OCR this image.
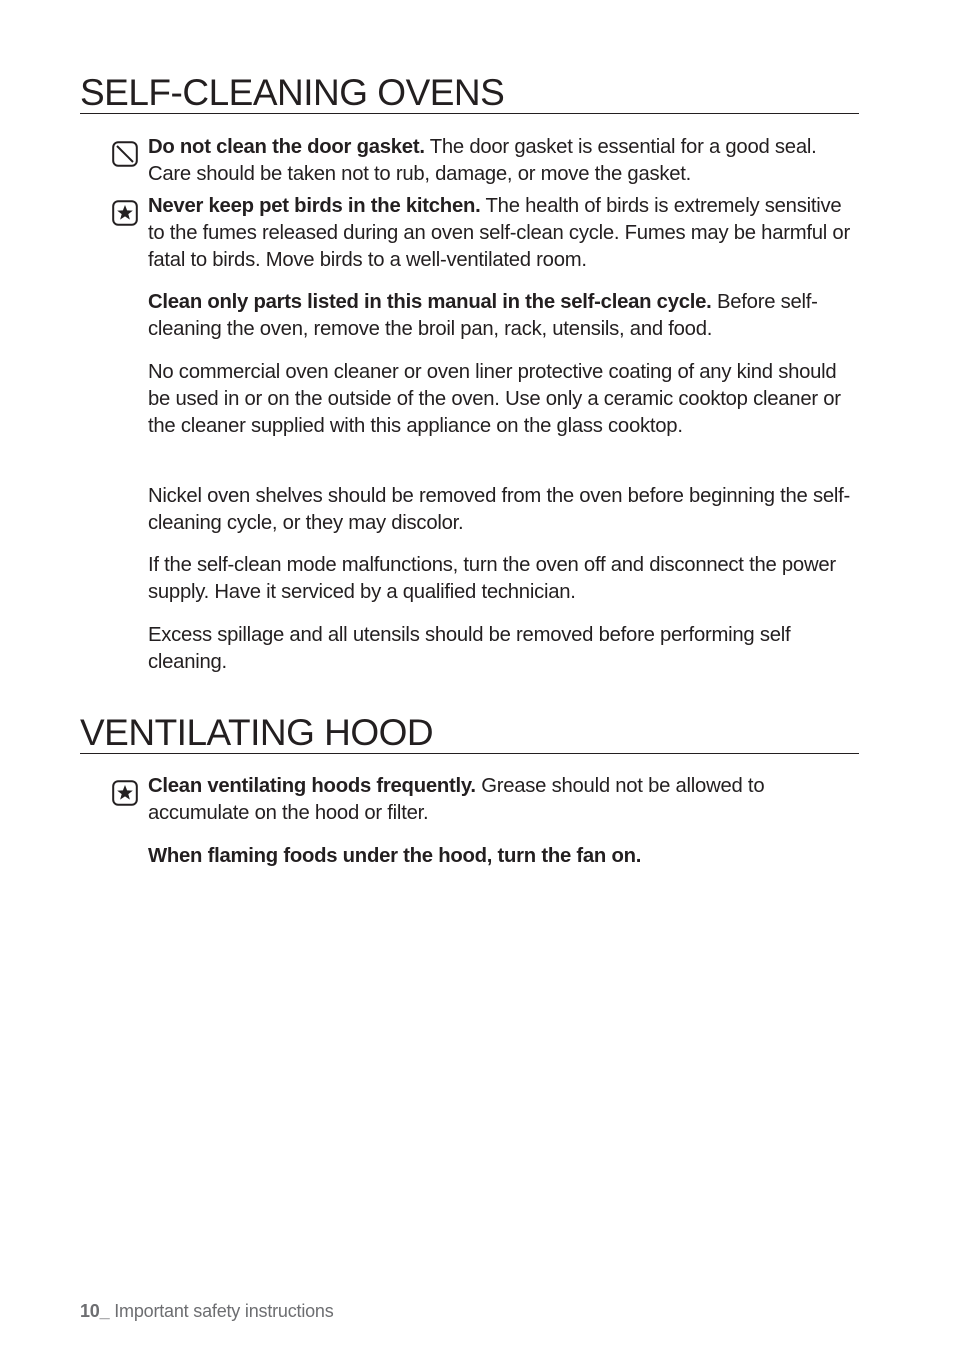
SELF-CLEANING OVENS

Do not clean the door gasket. The door gasket is essential for a good seal. Care should be taken not to rub, damage, or move the gasket.

Never keep pet birds in the kitchen. The health of birds is extremely sensitive to the fumes released during an oven self-clean cycle. Fumes may be harmful or fatal to birds. Move birds to a well-ventilated room.

Clean only parts listed in this manual in the self-clean cycle. Before self-cleaning the oven, remove the broil pan, rack, utensils, and food.

No commercial oven cleaner or oven liner protective coating of any kind should be used in or on the outside of the oven. Use only a ceramic cooktop cleaner or the cleaner supplied with this appliance on the glass cooktop.

Nickel oven shelves should be removed from the oven before beginning the self-cleaning cycle, or they may discolor.

If the self-clean mode malfunctions, turn the oven off and disconnect the power supply. Have it serviced by a qualified technician.

Excess spillage and all utensils should be removed before performing self cleaning.

VENTILATING HOOD

Clean ventilating hoods frequently. Grease should not be allowed to accumulate on the hood or filter.

When flaming foods under the hood, turn the fan on.

10_ Important safety instructions
